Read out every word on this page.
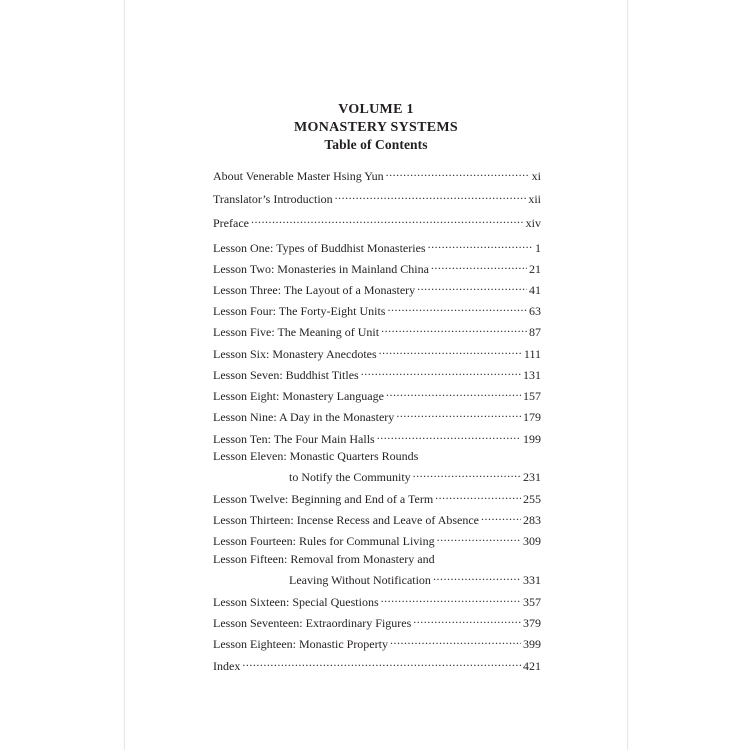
VOLUME 1
MONASTERY SYSTEMS
Table of Contents
About Venerable Master Hsing Yun .....	xi
Translator’s Introduction .....	xii
Preface .....	xiv
Lesson One: Types of Buddhist Monasteries .....	1
Lesson Two: Monasteries in Mainland China .....	21
Lesson Three: The Layout of a Monastery .....	41
Lesson Four: The Forty-Eight Units .....	63
Lesson Five: The Meaning of Unit .....	87
Lesson Six: Monastery Anecdotes .....	111
Lesson Seven: Buddhist Titles .....	131
Lesson Eight: Monastery Language .....	157
Lesson Nine: A Day in the Monastery .....	179
Lesson Ten: The Four Main Halls .....	199
Lesson Eleven: Monastic Quarters Rounds
to Notify the Community .....	231
Lesson Twelve: Beginning and End of a Term .....	255
Lesson Thirteen: Incense Recess and Leave of Absence .....	283
Lesson Fourteen: Rules for Communal Living .....	309
Lesson Fifteen: Removal from Monastery and
Leaving Without Notification .....	331
Lesson Sixteen: Special Questions .....	357
Lesson Seventeen: Extraordinary Figures .....	379
Lesson Eighteen: Monastic Property .....	399
Index .....	421
